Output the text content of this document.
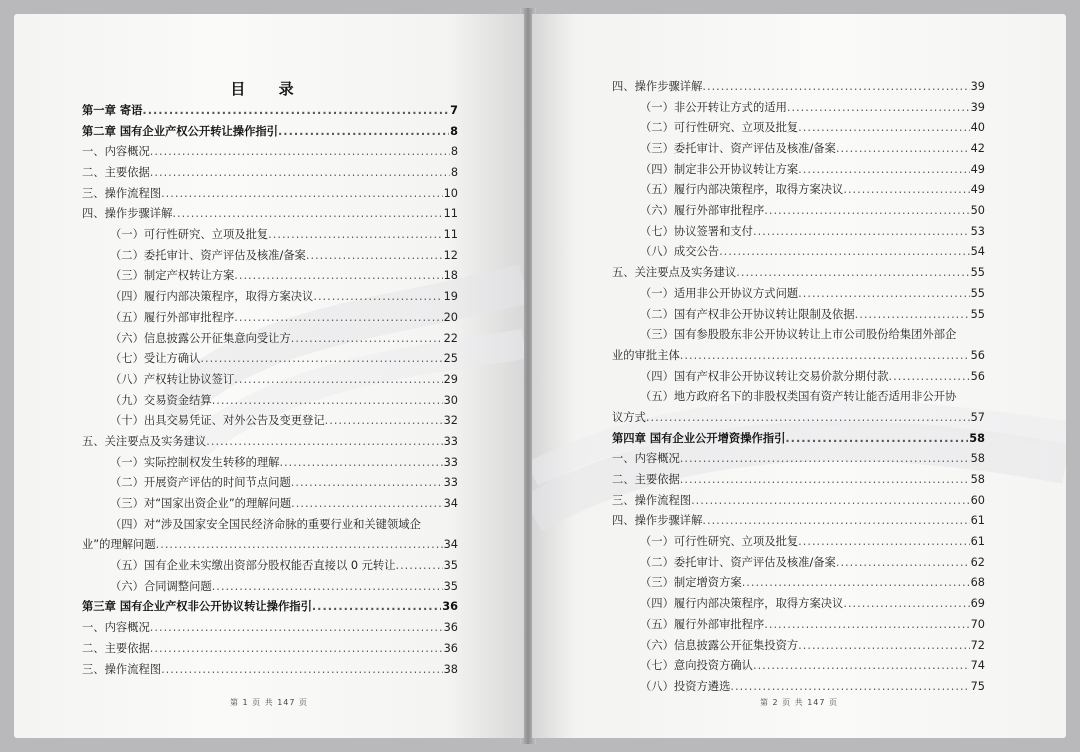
目 录
第一章 寄语 .....	7
第二章 国有企业产权公开转让操作指引 .....	8
一、内容概况 .....	8
二、主要依据 .....	8
三、操作流程图 .....	10
四、操作步骤详解 .....	11
（一）可行性研究、立项及批复 .....	11
（二）委托审计、资产评估及核准/备案 .....	12
（三）制定产权转让方案 .....	18
（四）履行内部决策程序，取得方案决议 .....	19
（五）履行外部审批程序 .....	20
（六）信息披露公开征集意向受让方 .....	22
（七）受让方确认 .....	25
（八）产权转让协议签订 .....	29
（九）交易资金结算 .....	30
（十）出具交易凭证、对外公告及变更登记 .....	32
五、关注要点及实务建议 .....	33
（一）实际控制权发生转移的理解 .....	33
（二）开展资产评估的时间节点问题 .....	33
（三）对“国家出资企业”的理解问题 .....	34
（四）对“涉及国家安全国民经济命脉的重要行业和关键领域企
业”的理解问题 .....	34
（五）国有企业未实缴出资部分股权能否直接以 0 元转让 .....	35
（六）合同调整问题 .....	35
第三章 国有企业产权非公开协议转让操作指引 .....	36
一、内容概况 .....	36
二、主要依据 .....	36
三、操作流程图 .....	38
第 1 页 共 147 页
四、操作步骤详解 .....	39
（一）非公开转让方式的适用 .....	39
（二）可行性研究、立项及批复 .....	40
（三）委托审计、资产评估及核准/备案 .....	42
（四）制定非公开协议转让方案 .....	49
（五）履行内部决策程序，取得方案决议 .....	49
（六）履行外部审批程序 .....	50
（七）协议签署和支付 .....	53
（八）成交公告 .....	54
五、关注要点及实务建议 .....	55
（一）适用非公开协议方式问题 .....	55
（二）国有产权非公开协议转让限制及依据 .....	55
（三）国有参股股东非公开协议转让上市公司股份给集团外部企
业的审批主体 .....	56
（四）国有产权非公开协议转让交易价款分期付款 .....	56
（五）地方政府名下的非股权类国有资产转让能否适用非公开协
议方式 .....	57
第四章 国有企业公开增资操作指引 .....	58
一、内容概况 .....	58
二、主要依据 .....	58
三、操作流程图 .....	60
四、操作步骤详解 .....	61
（一）可行性研究、立项及批复 .....	61
（二）委托审计、资产评估及核准/备案 .....	62
（三）制定增资方案 .....	68
（四）履行内部决策程序，取得方案决议 .....	69
（五）履行外部审批程序 .....	70
（六）信息披露公开征集投资方 .....	72
（七）意向投资方确认 .....	74
（八）投资方遴选 .....	75
第 2 页 共 147 页
